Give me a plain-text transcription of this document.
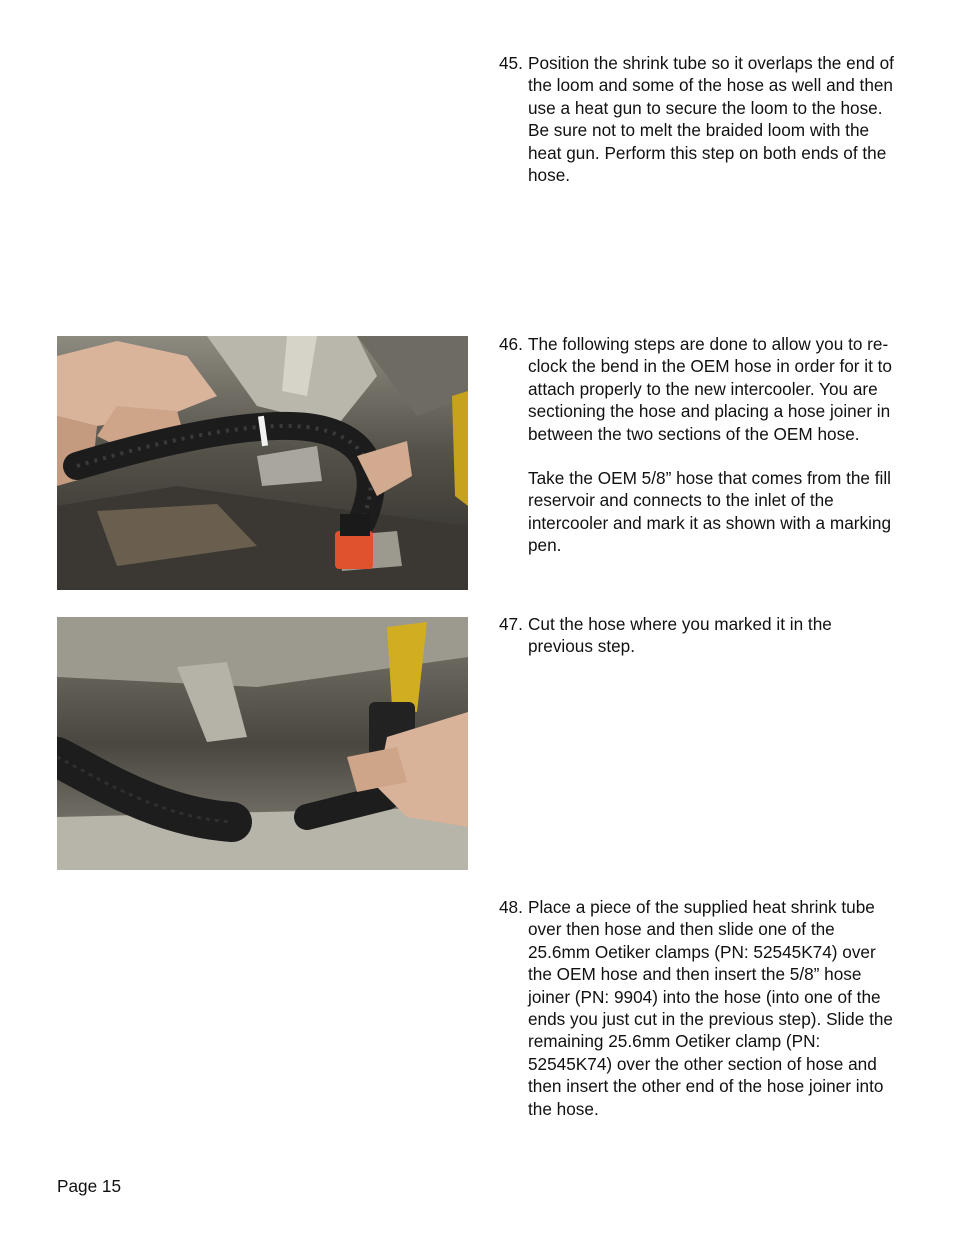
45. Position the shrink tube so it overlaps the end of the loom and some of the hose as well and then use a heat gun to secure the loom to the hose. Be sure not to melt the braided loom with the heat gun. Perform this step on both ends of the hose.

46. The following steps are done to allow you to re-clock the bend in the OEM hose in order for it to attach properly to the new intercooler. You are sectioning the hose and placing a hose joiner in between the two sections of the OEM hose.

Take the OEM 5/8” hose that comes from the fill reservoir and connects to the inlet of the intercooler and mark it as shown with a marking pen.

47. Cut the hose where you marked it in the previous step.

48. Place a piece of the supplied heat shrink tube over then hose and then slide one of the 25.6mm Oetiker clamps (PN: 52545K74) over the OEM hose and then insert the 5/8” hose joiner (PN: 9904) into the hose (into one of the ends you just cut in the previous step). Slide the remaining 25.6mm Oetiker clamp (PN: 52545K74) over the other section of hose and then insert the other end of the hose joiner into the hose.

Page 15
